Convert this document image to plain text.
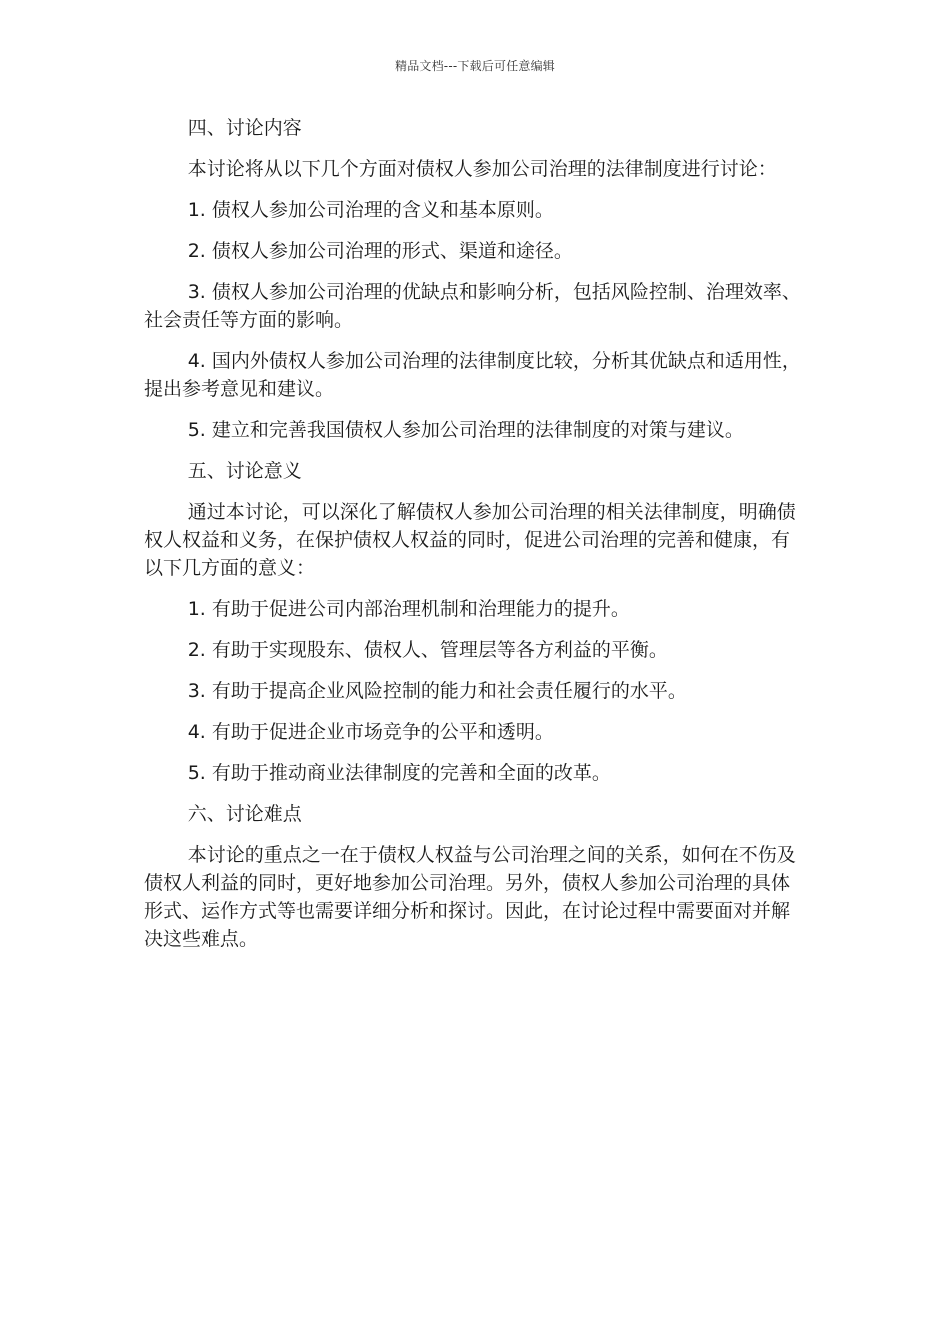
精品文档---下载后可任意编辑

四、讨论内容

本讨论将从以下几个方面对债权人参加公司治理的法律制度进行讨论：

1. 债权人参加公司治理的含义和基本原则。

2. 债权人参加公司治理的形式、渠道和途径。

3. 债权人参加公司治理的优缺点和影响分析，包括风险控制、治理效率、社会责任等方面的影响。

4. 国内外债权人参加公司治理的法律制度比较，分析其优缺点和适用性，提出参考意见和建议。

5. 建立和完善我国债权人参加公司治理的法律制度的对策与建议。

五、讨论意义

通过本讨论，可以深化了解债权人参加公司治理的相关法律制度，明确债权人权益和义务，在保护债权人权益的同时，促进公司治理的完善和健康，有以下几方面的意义：

1. 有助于促进公司内部治理机制和治理能力的提升。

2. 有助于实现股东、债权人、管理层等各方利益的平衡。

3. 有助于提高企业风险控制的能力和社会责任履行的水平。

4. 有助于促进企业市场竞争的公平和透明。

5. 有助于推动商业法律制度的完善和全面的改革。

六、讨论难点

本讨论的重点之一在于债权人权益与公司治理之间的关系，如何在不伤及债权人利益的同时，更好地参加公司治理。另外，债权人参加公司治理的具体形式、运作方式等也需要详细分析和探讨。因此，在讨论过程中需要面对并解决这些难点。
